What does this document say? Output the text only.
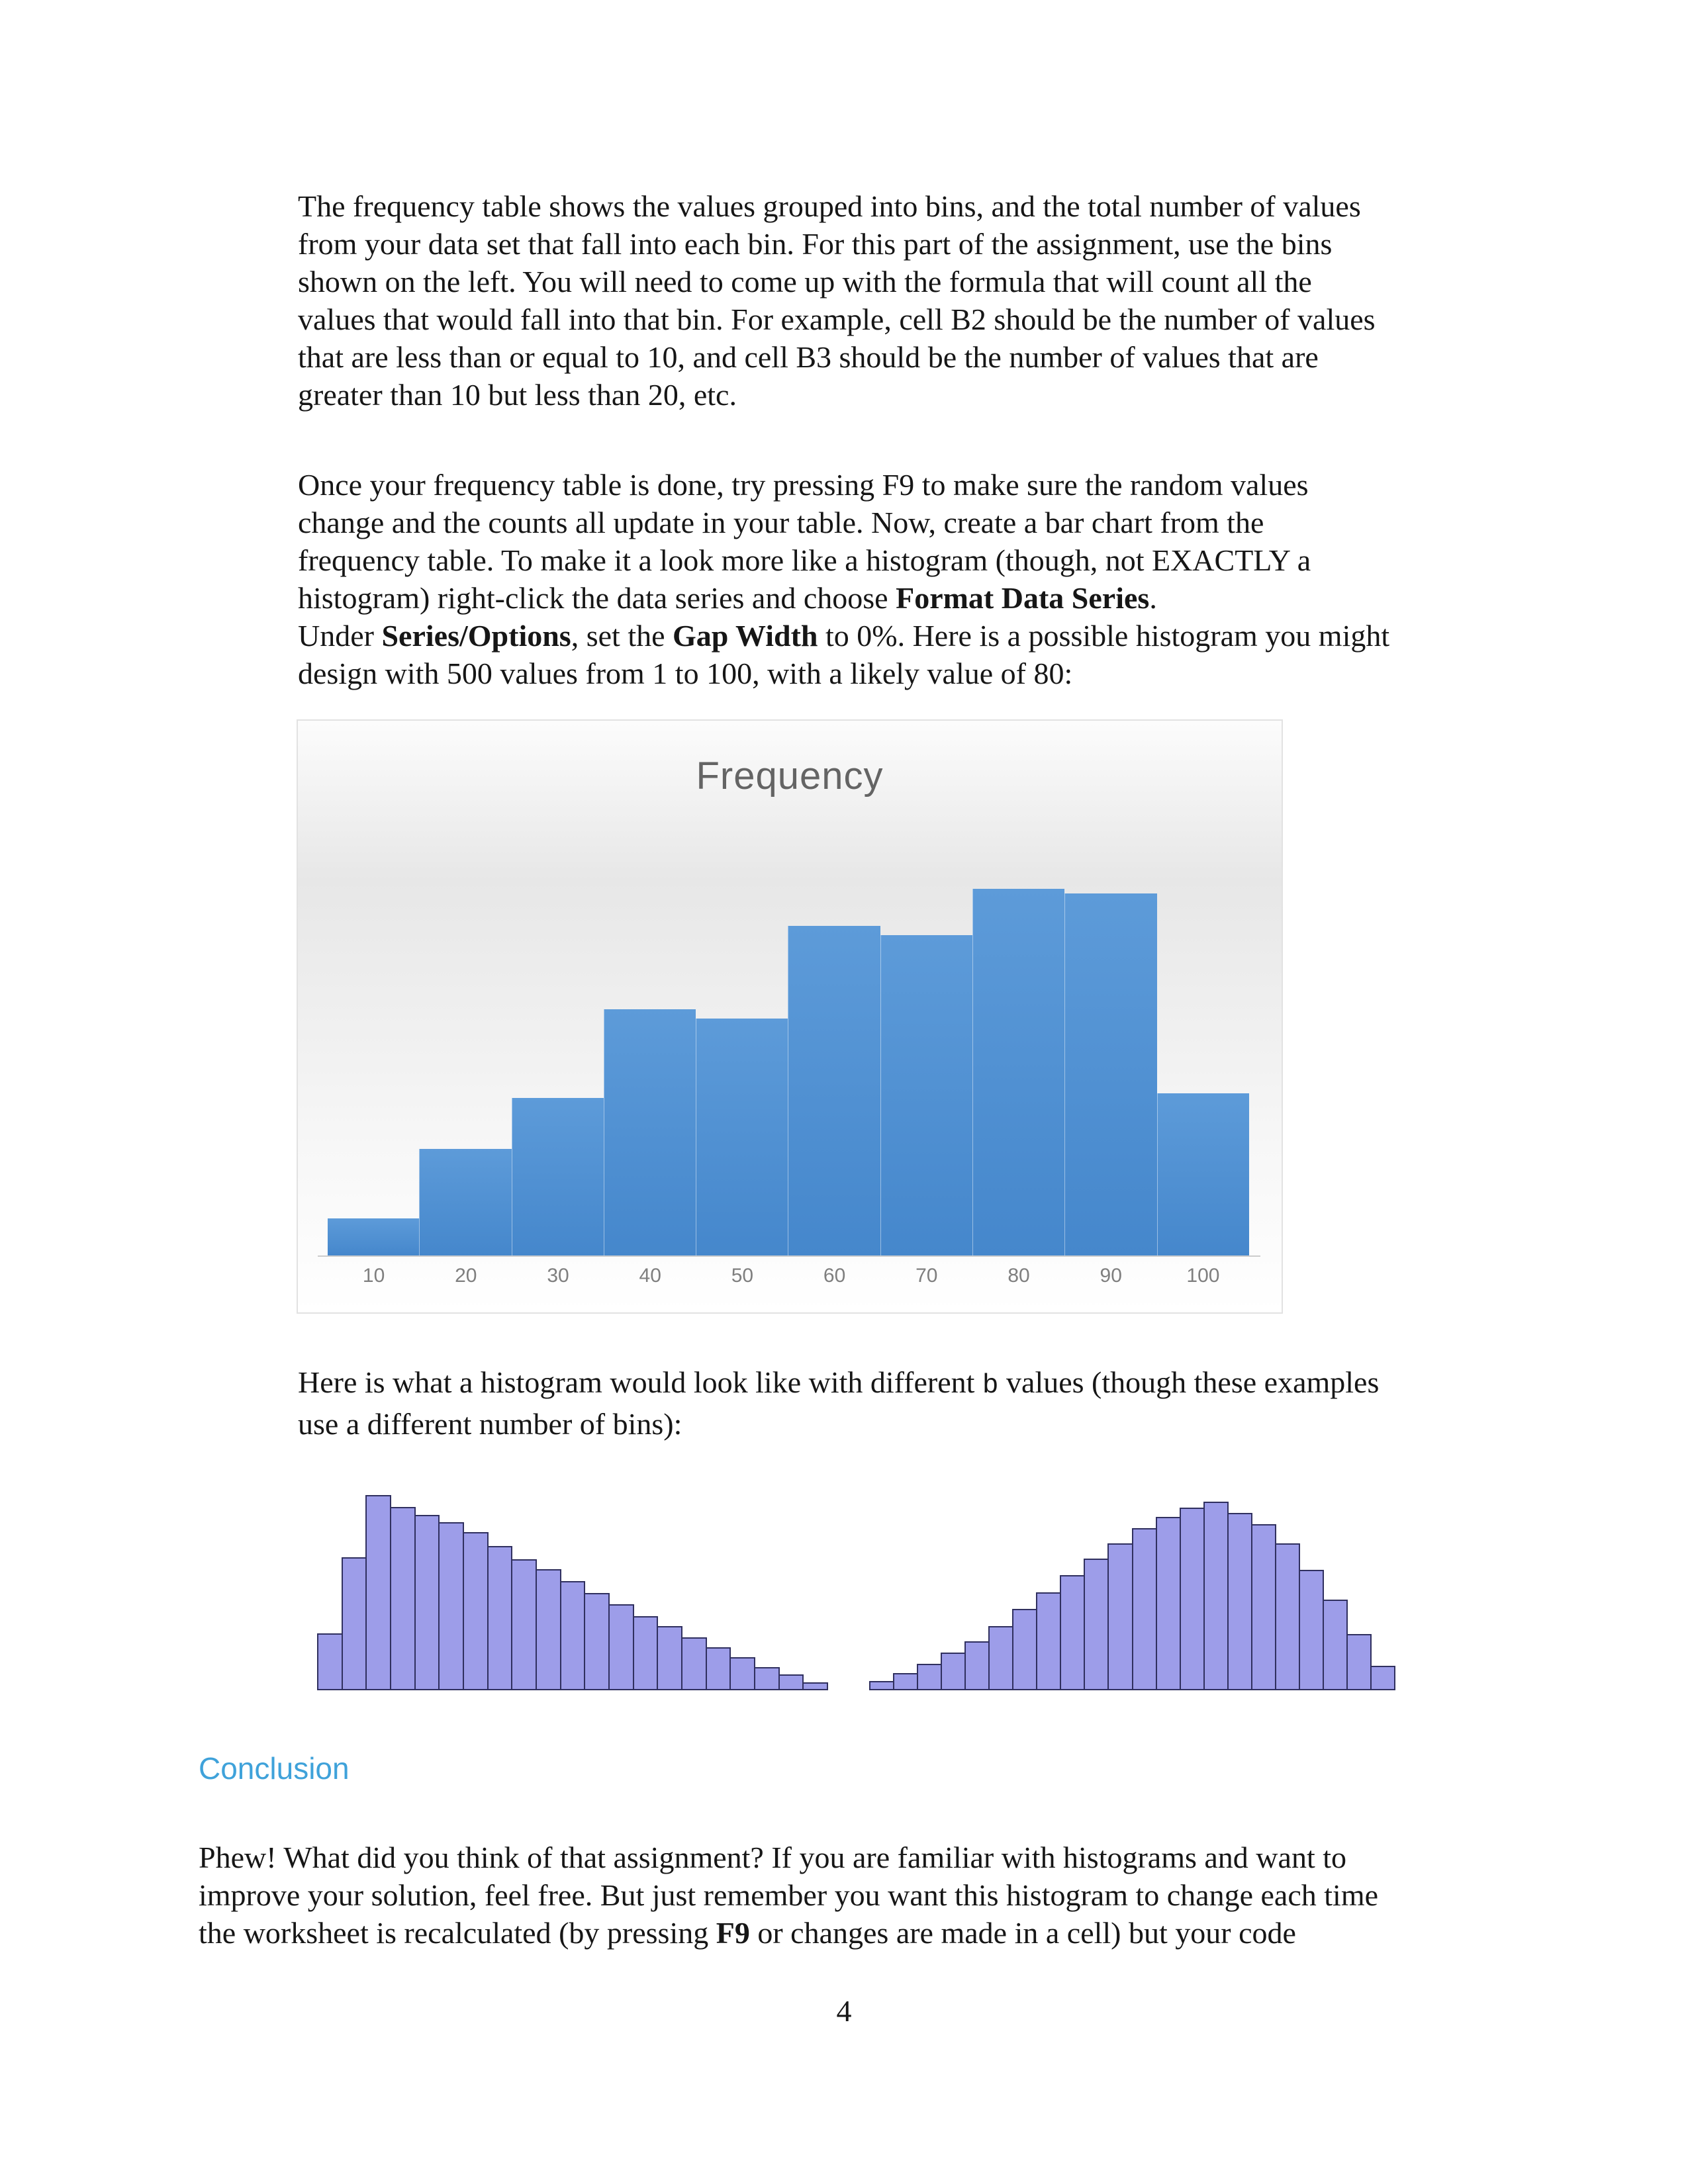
The frequency table shows the values grouped into bins, and the total number of values
from your data set that fall into each bin. For this part of the assignment, use the bins
shown on the left. You will need to come up with the formula that will count all the
values that would fall into that bin. For example, cell B2 should be the number of values
that are less than or equal to 10, and cell B3 should be the number of values that are
greater than 10 but less than 20, etc.
Once your frequency table is done, try pressing F9 to make sure the random values
change and the counts all update in your table. Now, create a bar chart from the
frequency table. To make it a look more like a histogram (though, not EXACTLY a
histogram) right-click the data series and choose Format Data Series.
Under Series/Options, set the Gap Width to 0%. Here is a possible histogram you might
design with 500 values from 1 to 100, with a likely value of 80:
Frequency
10	20	30	40	50	60	70	80	90	100
Here is what a histogram would look like with different b values (though these examples
use a different number of bins):
Conclusion
Phew! What did you think of that assignment? If you are familiar with histograms and want to
improve your solution, feel free. But just remember you want this histogram to change each time
the worksheet is recalculated (by pressing F9 or changes are made in a cell) but your code
4
